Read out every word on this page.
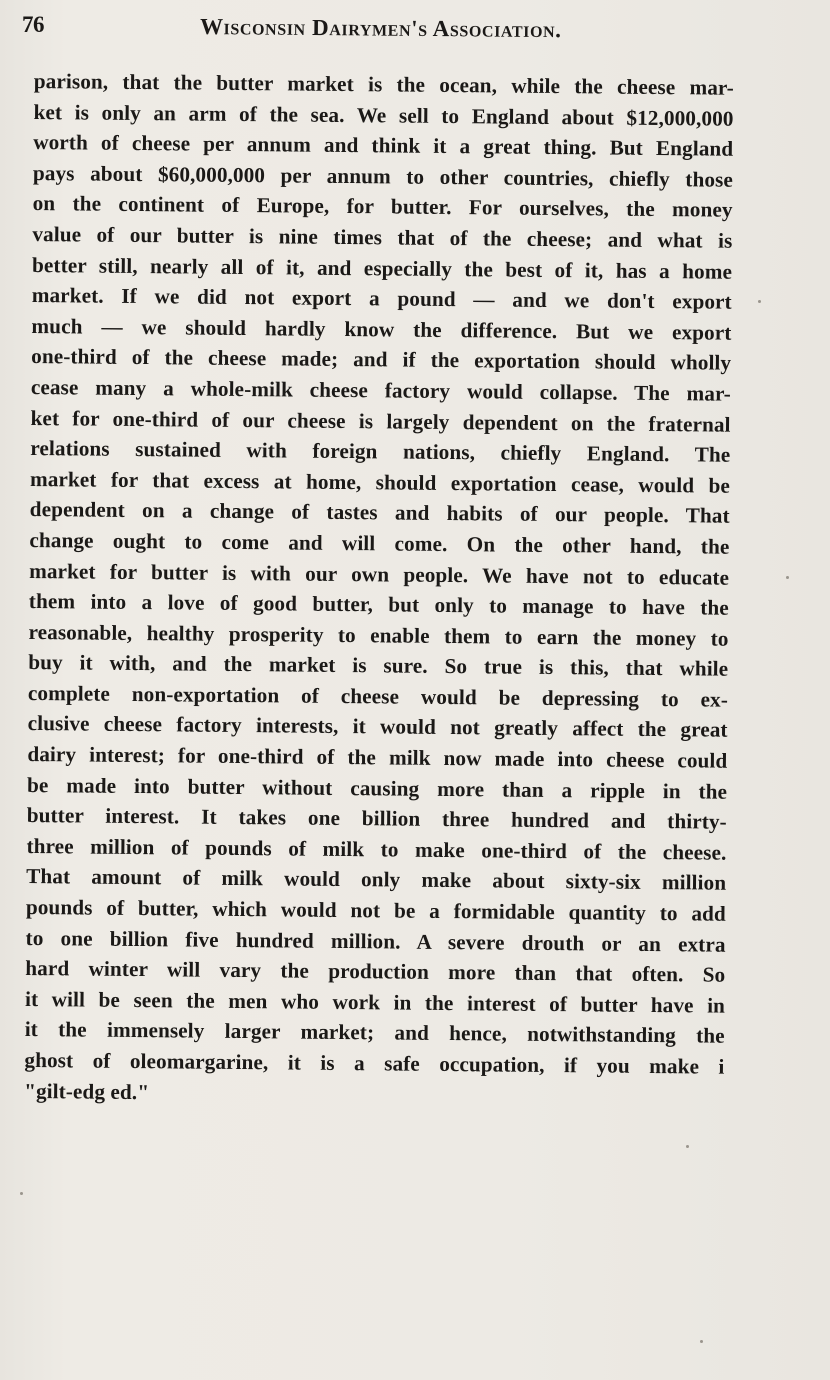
76	Wisconsin Dairymen's Association.
parison, that the butter market is the ocean, while the cheese mar-
ket is only an arm of the sea. We sell to England about $12,000,000
worth of cheese per annum and think it a great thing. But England
pays about $60,000,000 per annum to other countries, chiefly those
on the continent of Europe, for butter. For ourselves, the money
value of our butter is nine times that of the cheese; and what is
better still, nearly all of it, and especially the best of it, has a home
market. If we did not export a pound — and we don't export
much — we should hardly know the difference. But we export
one-third of the cheese made; and if the exportation should wholly
cease many a whole-milk cheese factory would collapse. The mar-
ket for one-third of our cheese is largely dependent on the fraternal
relations sustained with foreign nations, chiefly England. The
market for that excess at home, should exportation cease, would be
dependent on a change of tastes and habits of our people. That
change ought to come and will come. On the other hand, the
market for butter is with our own people. We have not to educate
them into a love of good butter, but only to manage to have the
reasonable, healthy prosperity to enable them to earn the money to
buy it with, and the market is sure. So true is this, that while
complete non-exportation of cheese would be depressing to ex-
clusive cheese factory interests, it would not greatly affect the great
dairy interest; for one-third of the milk now made into cheese could
be made into butter without causing more than a ripple in the
butter interest. It takes one billion three hundred and thirty-
three million of pounds of milk to make one-third of the cheese.
That amount of milk would only make about sixty-six million
pounds of butter, which would not be a formidable quantity to add
to one billion five hundred million. A severe drouth or an extra
hard winter will vary the production more than that often. So
it will be seen the men who work in the interest of butter have in
it the immensely larger market; and hence, notwithstanding the
ghost of oleomargarine, it is a safe occupation, if you make i
"gilt-edg ed."
